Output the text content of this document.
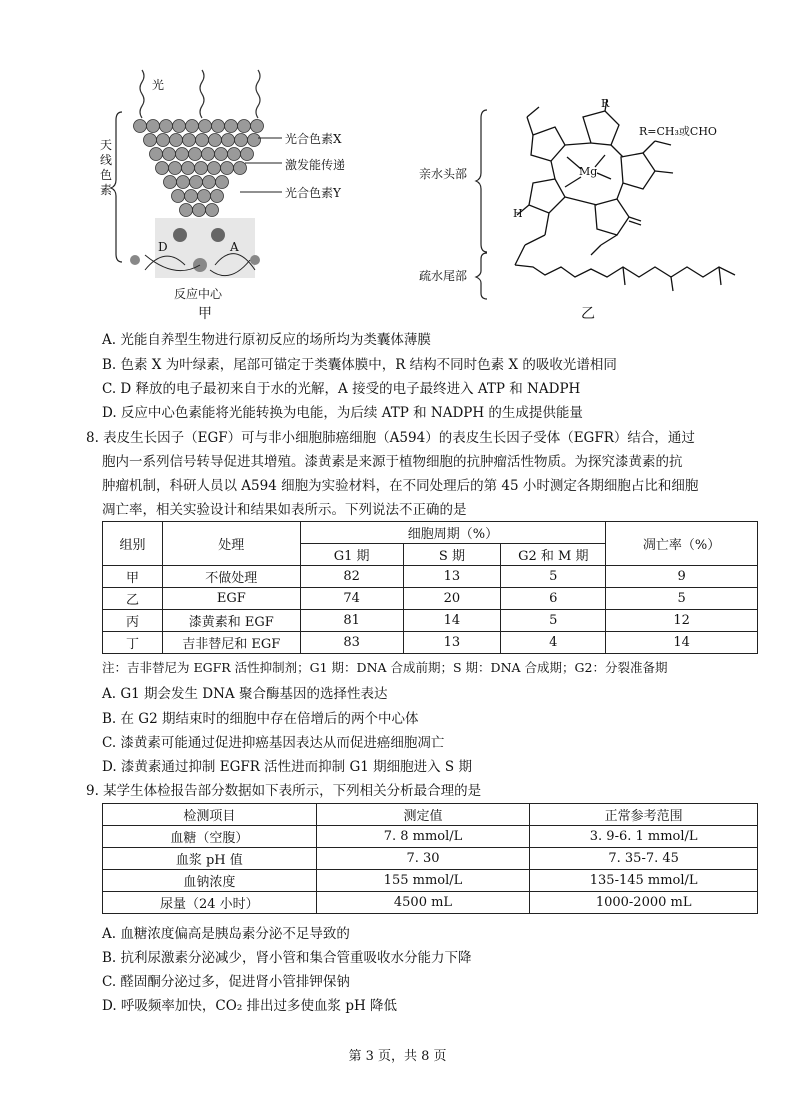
光
天
线
色
素
光合色素X
激发能传递
光合色素Y
D	A
反应中心
甲
R
R=CH₃或CHO
Mg
亲水头部
疏水尾部
H
乙
A. 光能自养型生物进行原初反应的场所均为类囊体薄膜
B. 色素 X 为叶绿素，尾部可锚定于类囊体膜中，R 结构不同时色素 X 的吸收光谱相同
C. D 释放的电子最初来自于水的光解，A 接受的电子最终进入 ATP 和 NADPH
D. 反应中心色素能将光能转换为电能，为后续 ATP 和 NADPH 的生成提供能量
8. 表皮生长因子（EGF）可与非小细胞肺癌细胞（A594）的表皮生长因子受体（EGFR）结合，通过
胞内一系列信号转导促进其增殖。漆黄素是来源于植物细胞的抗肿瘤活性物质。为探究漆黄素的抗
肿瘤机制，科研人员以 A594 细胞为实验材料，在不同处理后的第 45 小时测定各期细胞占比和细胞
凋亡率，相关实验设计和结果如表所示。下列说法不正确的是
组别	处理	细胞周期（%）			凋亡率（%）
		G1 期	S 期	G2 和 M 期	
甲	不做处理	82	13	5	9
乙	EGF	74	20	6	5
丙	漆黄素和 EGF	81	14	5	12
丁	吉非替尼和 EGF	83	13	4	14
注：吉非替尼为 EGFR 活性抑制剂；G1 期：DNA 合成前期；S 期：DNA 合成期；G2：分裂准备期
A. G1 期会发生 DNA 聚合酶基因的选择性表达
B. 在 G2 期结束时的细胞中存在倍增后的两个中心体
C. 漆黄素可能通过促进抑癌基因表达从而促进癌细胞凋亡
D. 漆黄素通过抑制 EGFR 活性进而抑制 G1 期细胞进入 S 期
9. 某学生体检报告部分数据如下表所示，下列相关分析最合理的是
检测项目	测定值	正常参考范围
血糖（空腹）	7. 8 mmol/L	3. 9-6. 1 mmol/L
血浆 pH 值	7. 30	7. 35-7. 45
血钠浓度	155 mmol/L	135-145 mmol/L
尿量（24 小时）	4500 mL	1000-2000 mL
A. 血糖浓度偏高是胰岛素分泌不足导致的
B. 抗利尿激素分泌减少，肾小管和集合管重吸收水分能力下降
C. 醛固酮分泌过多，促进肾小管排钾保钠
D. 呼吸频率加快，CO₂ 排出过多使血浆 pH 降低
第 3 页，共 8 页
